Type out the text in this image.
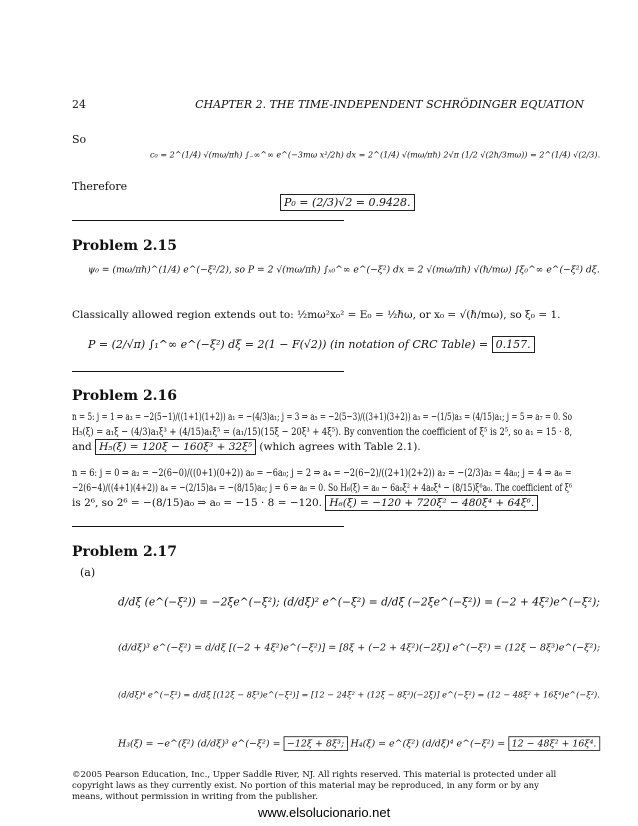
24	CHAPTER 2. THE TIME-INDEPENDENT SCHRÖDINGER EQUATION
So
c₀ = 2^(1/4) √(mω/πℏ) ∫₋∞^∞ e^(−3mω x²/2ℏ) dx = 2^(1/4) √(mω/πℏ) 2√π (1/2 √(2ℏ/3mω)) = 2^(1/4) √(2/3).
Therefore
P₀ = (2/3)√2 = 0.9428.
Problem 2.15
ψ₀ = (mω/πℏ)^(1/4) e^(−ξ²/2), so P = 2 √(mω/πℏ) ∫ₓ₀^∞ e^(−ξ²) dx = 2 √(mω/πℏ) √(ℏ/mω) ∫ξ₀^∞ e^(−ξ²) dξ.
Classically allowed region extends out to: ½mω²x₀² = E₀ = ½ℏω, or x₀ = √(ℏ/mω), so ξ₀ = 1.
P = (2/√π) ∫₁^∞ e^(−ξ²) dξ = 2(1 − F(√2)) (in notation of CRC Table) = 0.157.
Problem 2.16
n = 5: j = 1 ⇒ a₃ = −2(5−1)/((1+1)(1+2)) a₁ = −(4/3)a₁; j = 3 ⇒ a₅ = −2(5−3)/((3+1)(3+2)) a₃ = −(1/5)a₃ = (4/15)a₁; j = 5 ⇒ a₇ = 0. So
H₅(ξ) = a₁ξ − (4/3)a₁ξ³ + (4/15)a₁ξ⁵ = (a₁/15)(15ξ − 20ξ³ + 4ξ⁵). By convention the coefficient of ξ⁵ is 2⁵, so a₁ = 15 · 8,
and H₅(ξ) = 120ξ − 160ξ³ + 32ξ⁵ (which agrees with Table 2.1).
n = 6: j = 0 ⇒ a₂ = −2(6−0)/((0+1)(0+2)) a₀ = −6a₀; j = 2 ⇒ a₄ = −2(6−2)/((2+1)(2+2)) a₂ = −(2/3)a₂ = 4a₀; j = 4 ⇒ a₆ =
−2(6−4)/((4+1)(4+2)) a₄ = −(2/15)a₄ = −(8/15)a₀; j = 6 ⇒ a₈ = 0. So H₆(ξ) = a₀ − 6a₀ξ² + 4a₀ξ⁴ − (8/15)ξ⁶a₀. The coefficient of ξ⁶
is 2⁶, so 2⁶ = −(8/15)a₀ ⇒ a₀ = −15 · 8 = −120. H₆(ξ) = −120 + 720ξ² − 480ξ⁴ + 64ξ⁶.
Problem 2.17
(a)
d/dξ (e^(−ξ²)) = −2ξe^(−ξ²); (d/dξ)² e^(−ξ²) = d/dξ (−2ξe^(−ξ²)) = (−2 + 4ξ²)e^(−ξ²);
(d/dξ)³ e^(−ξ²) = d/dξ [(−2 + 4ξ²)e^(−ξ²)] = [8ξ + (−2 + 4ξ²)(−2ξ)] e^(−ξ²) = (12ξ − 8ξ³)e^(−ξ²);
(d/dξ)⁴ e^(−ξ²) = d/dξ [(12ξ − 8ξ³)e^(−ξ²)] = [12 − 24ξ² + (12ξ − 8ξ³)(−2ξ)] e^(−ξ²) = (12 − 48ξ² + 16ξ⁴)e^(−ξ²).
H₃(ξ) = −e^(ξ²) (d/dξ)³ e^(−ξ²) = −12ξ + 8ξ³; H₄(ξ) = e^(ξ²) (d/dξ)⁴ e^(−ξ²) = 12 − 48ξ² + 16ξ⁴.
©2005 Pearson Education, Inc., Upper Saddle River, NJ. All rights reserved. This material is protected under all copyright laws as they currently exist. No portion of this material may be reproduced, in any form or by any means, without permission in writing from the publisher.
www.elsolucionario.net
